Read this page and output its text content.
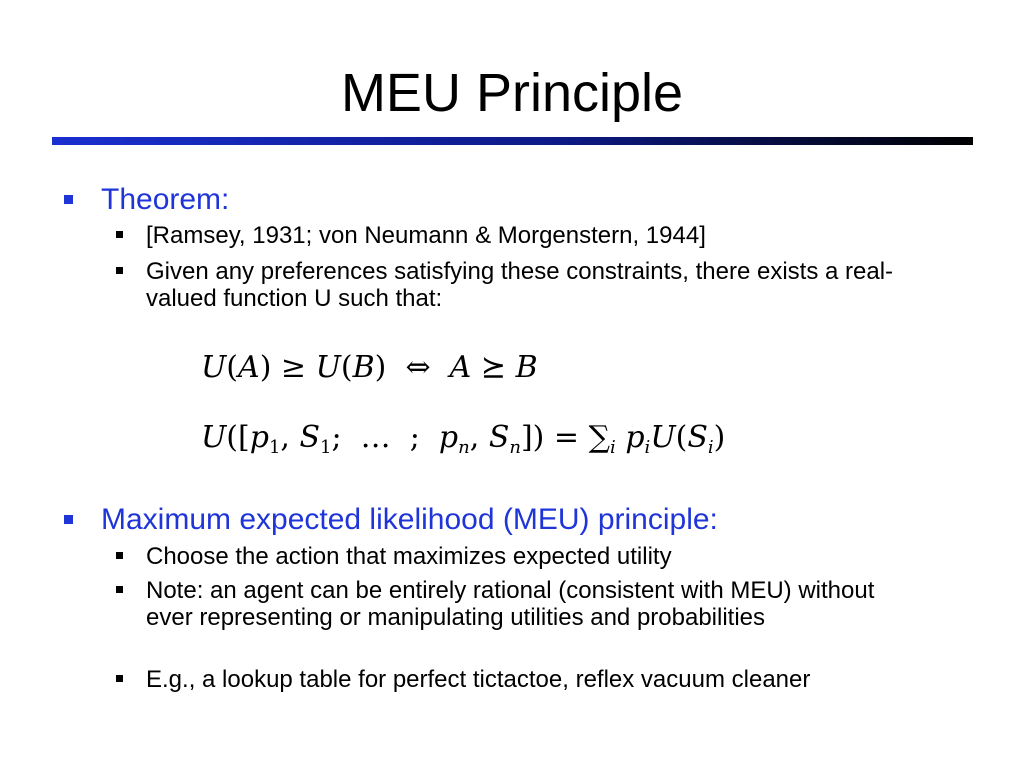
MEU Principle
Theorem:
[Ramsey, 1931; von Neumann & Morgenstern, 1944]
Given any preferences satisfying these constraints, there exists a real-valued function U such that:
U(A) ≥ U(B)  ⇔  A ⪰ B
$U([p_1$, $S_1$;  …  ;  $p_n$, $S_n]) = \sum_i$ $p_iU(S_i)$
Maximum expected likelihood (MEU) principle:
Choose the action that maximizes expected utility
Note: an agent can be entirely rational (consistent with MEU) without ever representing or manipulating utilities and probabilities
E.g., a lookup table for perfect tictactoe, reflex vacuum cleaner
